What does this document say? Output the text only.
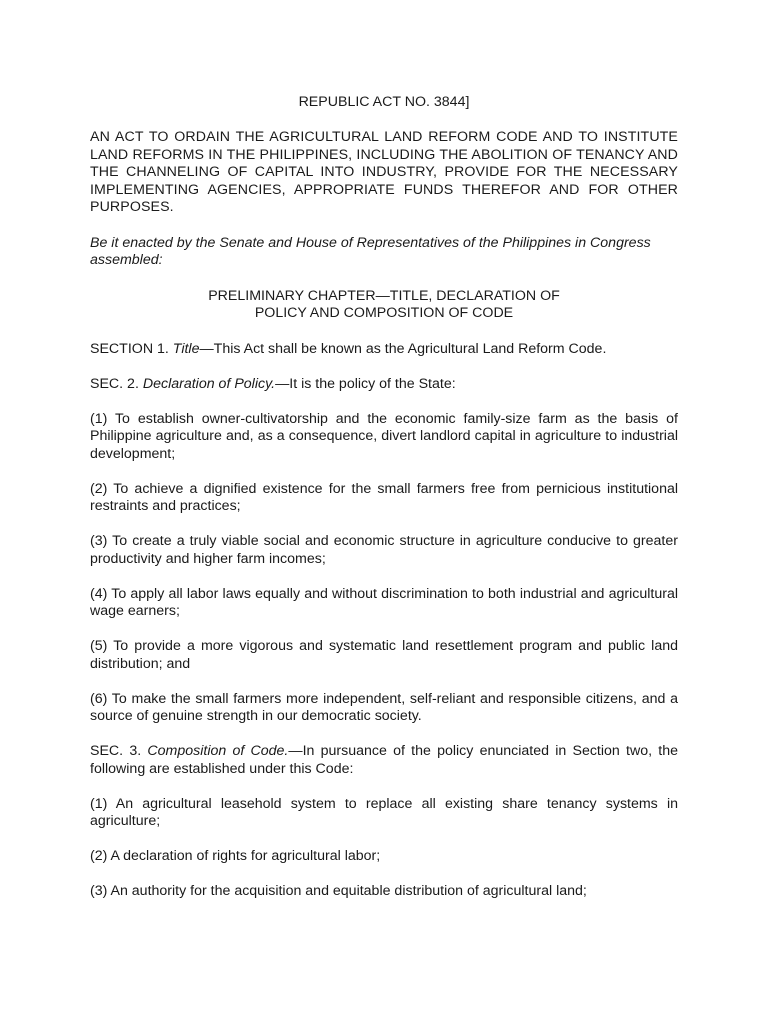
REPUBLIC ACT NO. 3844]

AN ACT TO ORDAIN THE AGRICULTURAL LAND REFORM CODE AND TO INSTITUTE LAND REFORMS IN THE PHILIPPINES, INCLUDING THE ABOLITION OF TENANCY AND THE CHANNELING OF CAPITAL INTO INDUSTRY, PROVIDE FOR THE NECESSARY IMPLEMENTING AGENCIES, APPROPRIATE FUNDS THEREFOR AND FOR OTHER PURPOSES.

Be it enacted by the Senate and House of Representatives of the Philippines in Congress assembled:

PRELIMINARY CHAPTER—TITLE, DECLARATION OF
POLICY AND COMPOSITION OF CODE

SECTION 1. Title—This Act shall be known as the Agricultural Land Reform Code.

SEC. 2. Declaration of Policy.—It is the policy of the State:

(1) To establish owner-cultivatorship and the economic family-size farm as the basis of Philippine agriculture and, as a consequence, divert landlord capital in agriculture to industrial development;

(2) To achieve a dignified existence for the small farmers free from pernicious institutional restraints and practices;

(3) To create a truly viable social and economic structure in agriculture conducive to greater productivity and higher farm incomes;

(4) To apply all labor laws equally and without discrimination to both industrial and agricultural wage earners;

(5) To provide a more vigorous and systematic land resettlement program and public land distribution; and

(6) To make the small farmers more independent, self-reliant and responsible citizens, and a source of genuine strength in our democratic society.

SEC. 3. Composition of Code.—In pursuance of the policy enunciated in Section two, the following are established under this Code:

(1) An agricultural leasehold system to replace all existing share tenancy systems in agriculture;

(2) A declaration of rights for agricultural labor;

(3) An authority for the acquisition and equitable distribution of agricultural land;
